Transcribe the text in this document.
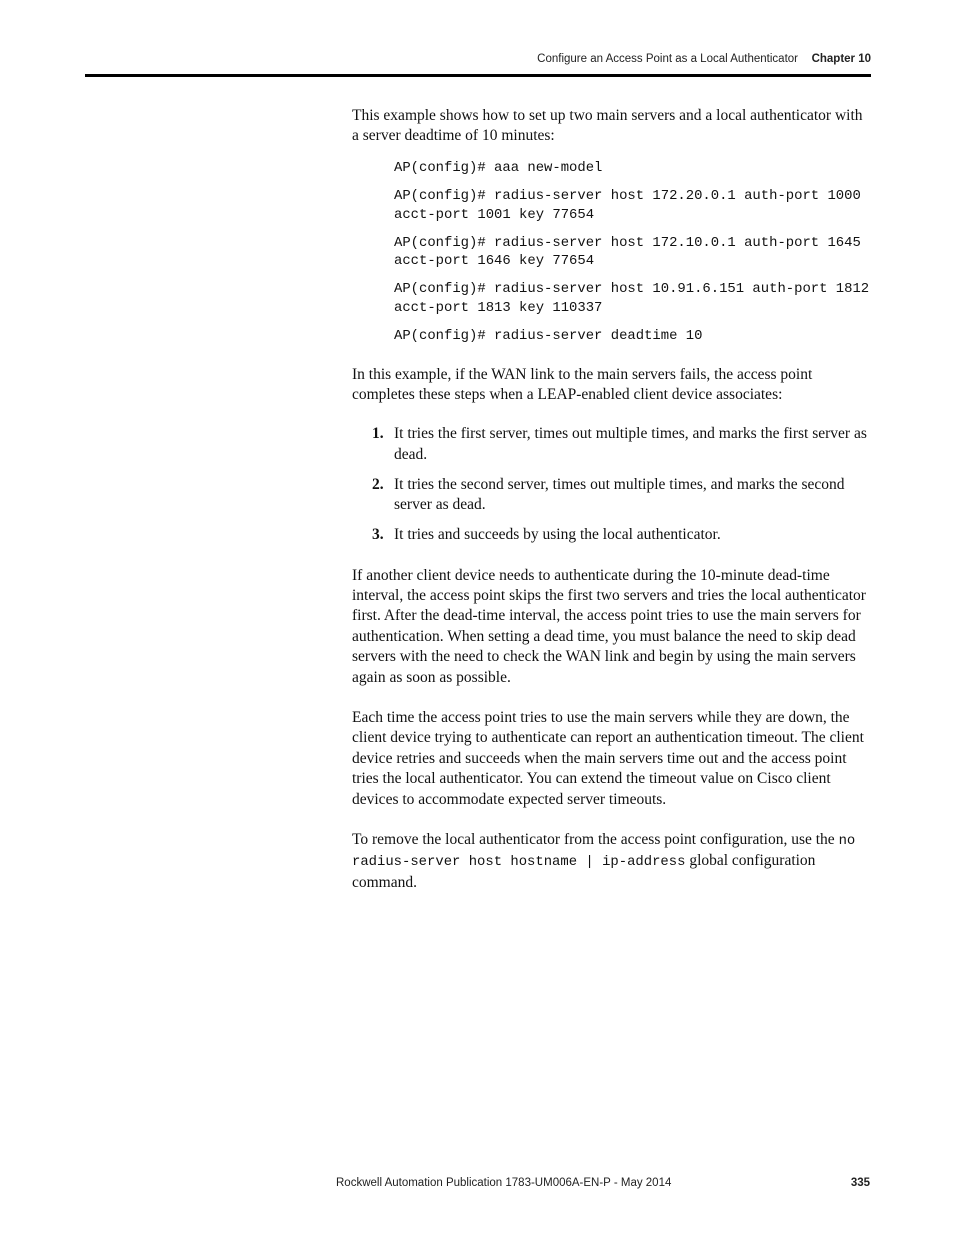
Configure an Access Point as a Local Authenticator Chapter 10

This example shows how to set up two main servers and a local authenticator with a server deadtime of 10 minutes:

AP(config)# aaa new-model
AP(config)# radius-server host 172.20.0.1 auth-port 1000 acct-port 1001 key 77654
AP(config)# radius-server host 172.10.0.1 auth-port 1645 acct-port 1646 key 77654
AP(config)# radius-server host 10.91.6.151 auth-port 1812 acct-port 1813 key 110337
AP(config)# radius-server deadtime 10

In this example, if the WAN link to the main servers fails, the access point completes these steps when a LEAP-enabled client device associates:

1. It tries the first server, times out multiple times, and marks the first server as dead.
2. It tries the second server, times out multiple times, and marks the second server as dead.
3. It tries and succeeds by using the local authenticator.

If another client device needs to authenticate during the 10-minute dead-time interval, the access point skips the first two servers and tries the local authenticator first. After the dead-time interval, the access point tries to use the main servers for authentication. When setting a dead time, you must balance the need to skip dead servers with the need to check the WAN link and begin by using the main servers again as soon as possible.

Each time the access point tries to use the main servers while they are down, the client device trying to authenticate can report an authentication timeout. The client device retries and succeeds when the main servers time out and the access point tries the local authenticator. You can extend the timeout value on Cisco client devices to accommodate expected server timeouts.

To remove the local authenticator from the access point configuration, use the no radius-server host hostname | ip-address global configuration command.

Rockwell Automation Publication 1783-UM006A-EN-P - May 2014	335
